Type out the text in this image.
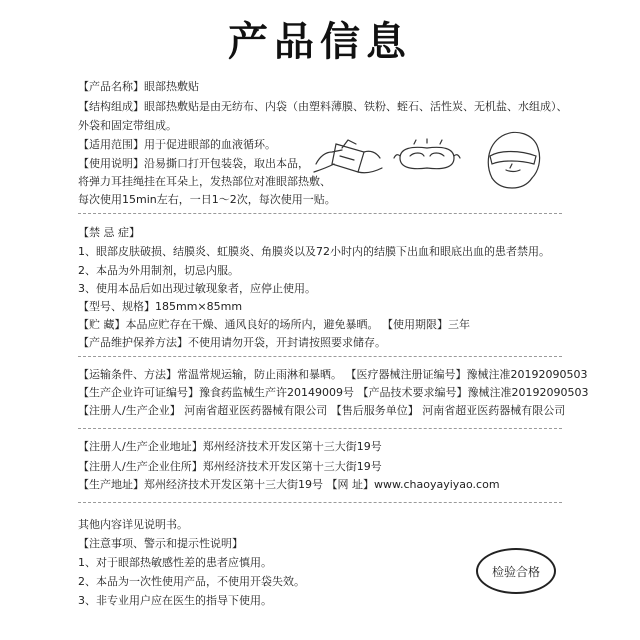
产品信息
【产品名称】眼部热敷贴
【结构组成】眼部热敷贴是由无纺布、内袋（由塑料薄膜、铁粉、蛭石、活性炭、无机盐、水组成）、
外袋和固定带组成。
【适用范围】用于促进眼部的血液循环。
【使用说明】沿易撕口打开包装袋，取出本品，
将弹力耳挂绳挂在耳朵上，发热部位对准眼部热敷、
每次使用15min左右，一日1～2次，每次使用一贴。
【禁 忌 症】
1、眼部皮肤破损、结膜炎、虹膜炎、角膜炎以及72小时内的结膜下出血和眼底出血的患者禁用。
2、本品为外用制剂，切忌内服。
3、使用本品后如出现过敏现象者，应停止使用。
【型号、规格】185mm×85mm
【贮 藏】本品应贮存在干燥、通风良好的场所内，避免暴晒。 【使用期限】三年
【产品维护保养方法】不使用请勿开袋，开封请按照要求储存。
【运输条件、方法】常温常规运输，防止雨淋和暴晒。 【医疗器械注册证编号】豫械注准20192090503
【生产企业许可证编号】豫食药监械生产许20149009号 【产品技术要求编号】豫械注准20192090503
【注册人/生产企业】 河南省超亚医药器械有限公司 【售后服务单位】 河南省超亚医药器械有限公司
【注册人/生产企业地址】郑州经济技术开发区第十三大街19号
【注册人/生产企业住所】郑州经济技术开发区第十三大街19号
【生产地址】郑州经济技术开发区第十三大街19号 【网 址】www.chaoyayiyao.com
其他内容详见说明书。
【注意事项、警示和提示性说明】
1、对于眼部热敏感性差的患者应慎用。
2、本品为一次性使用产品，不使用开袋失效。
3、非专业用户应在医生的指导下使用。
检验合格
